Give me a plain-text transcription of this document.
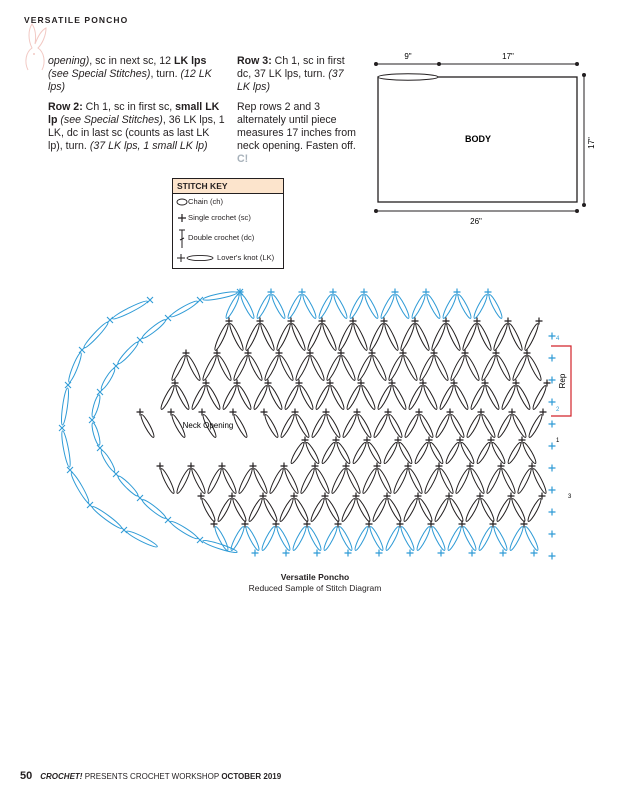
VERSATILE PONCHO

opening), sc in next sc, 12 LK lps (see Special Stitches), turn. (12 LK lps)

Row 2: Ch 1, sc in first sc, small LK lp (see Special Stitches), 36 LK lps, 1 LK, dc in last sc (counts as last LK lp), turn. (37 LK lps, 1 small LK lp)

Row 3: Ch 1, sc in first dc, 37 LK lps, turn. (37 LK lps)

Rep rows 2 and 3 alternately until piece measures 17 inches from neck opening. Fasten off. C!

STITCH KEY
Chain (ch)
Single crochet (sc)
Double crochet (dc)
Lover's knot (LK)
9"	17"
BODY	17"
26"
Neck Opening
Rep
4
2
1
3
Versatile Poncho
Reduced Sample of Stitch Diagram
50 CROCHET! PRESENTS CROCHET WORKSHOP OCTOBER 2019
